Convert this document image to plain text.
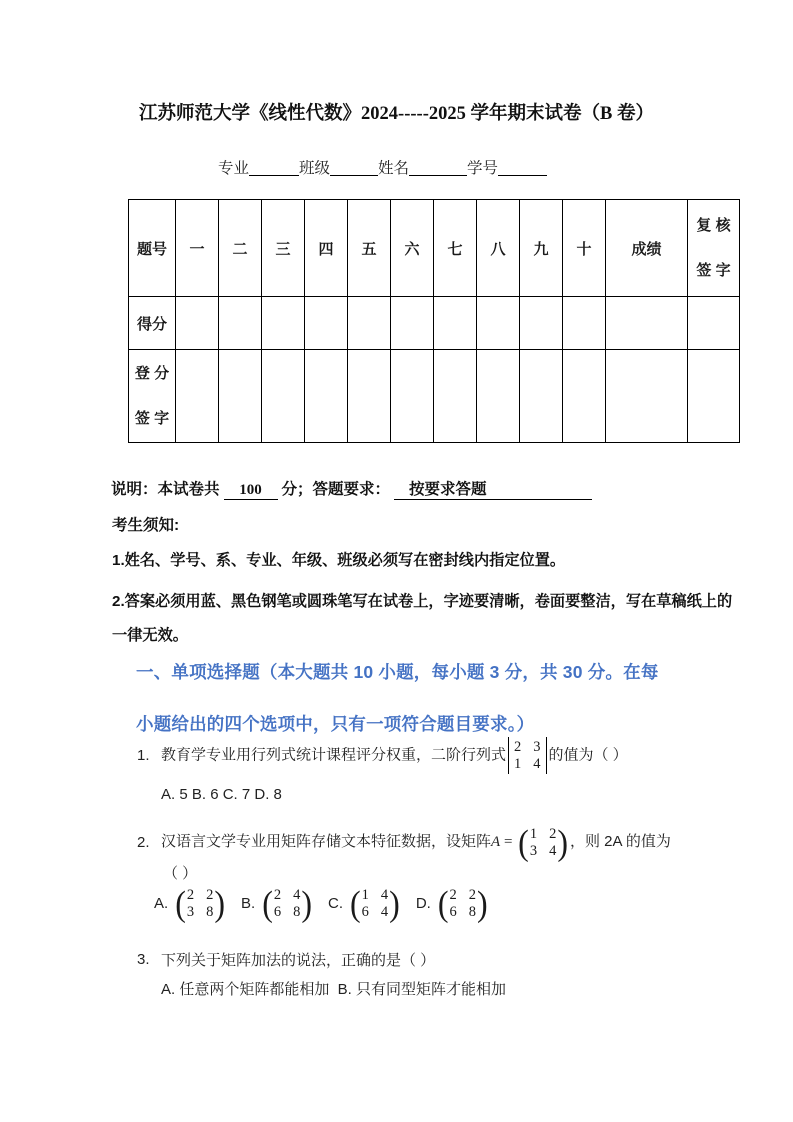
江苏师范大学《线性代数》2024-----2025 学年期末试卷（B 卷）
专业	班级	姓名	学号
题号	一	二	三	四	五	六	七	八	九	十	成绩	复 核
签 字

得分												

登 分
签 字												

说明：本试卷共 100 分；答题要求： 按要求答题

考生须知:

1.姓名、学号、系、专业、年级、班级必须写在密封线内指定位置。

2.答案必须用蓝、黑色钢笔或圆珠笔写在试卷上，字迹要清晰，卷面要整洁，写在草稿纸上的一律无效。

一、单项选择题（本大题共 10 小题，每小题 3 分，共 30 分。在每小题给出的四个选项中，只有一项符合题目要求。）
1. 教育学专业用行列式统计课程评分权重，二阶行列式 2 3
1 4
的值为（ ）

A. 5 B. 6 C. 7 D. 8

2. 汉语言文学专业用矩阵存储文本特征数据，设矩阵A =
( 1 2
3 4
)，则 2A 的值为

（ ）

A. ( 2 2
3 8
) B. ( 2 4
6 8
) C. ( 1 4
6 4
) D. ( 2 2
6 8
)
3. 下列关于矩阵加法的说法，正确的是（ ）

A. 任意两个矩阵都能相加  B. 只有同型矩阵才能相加
